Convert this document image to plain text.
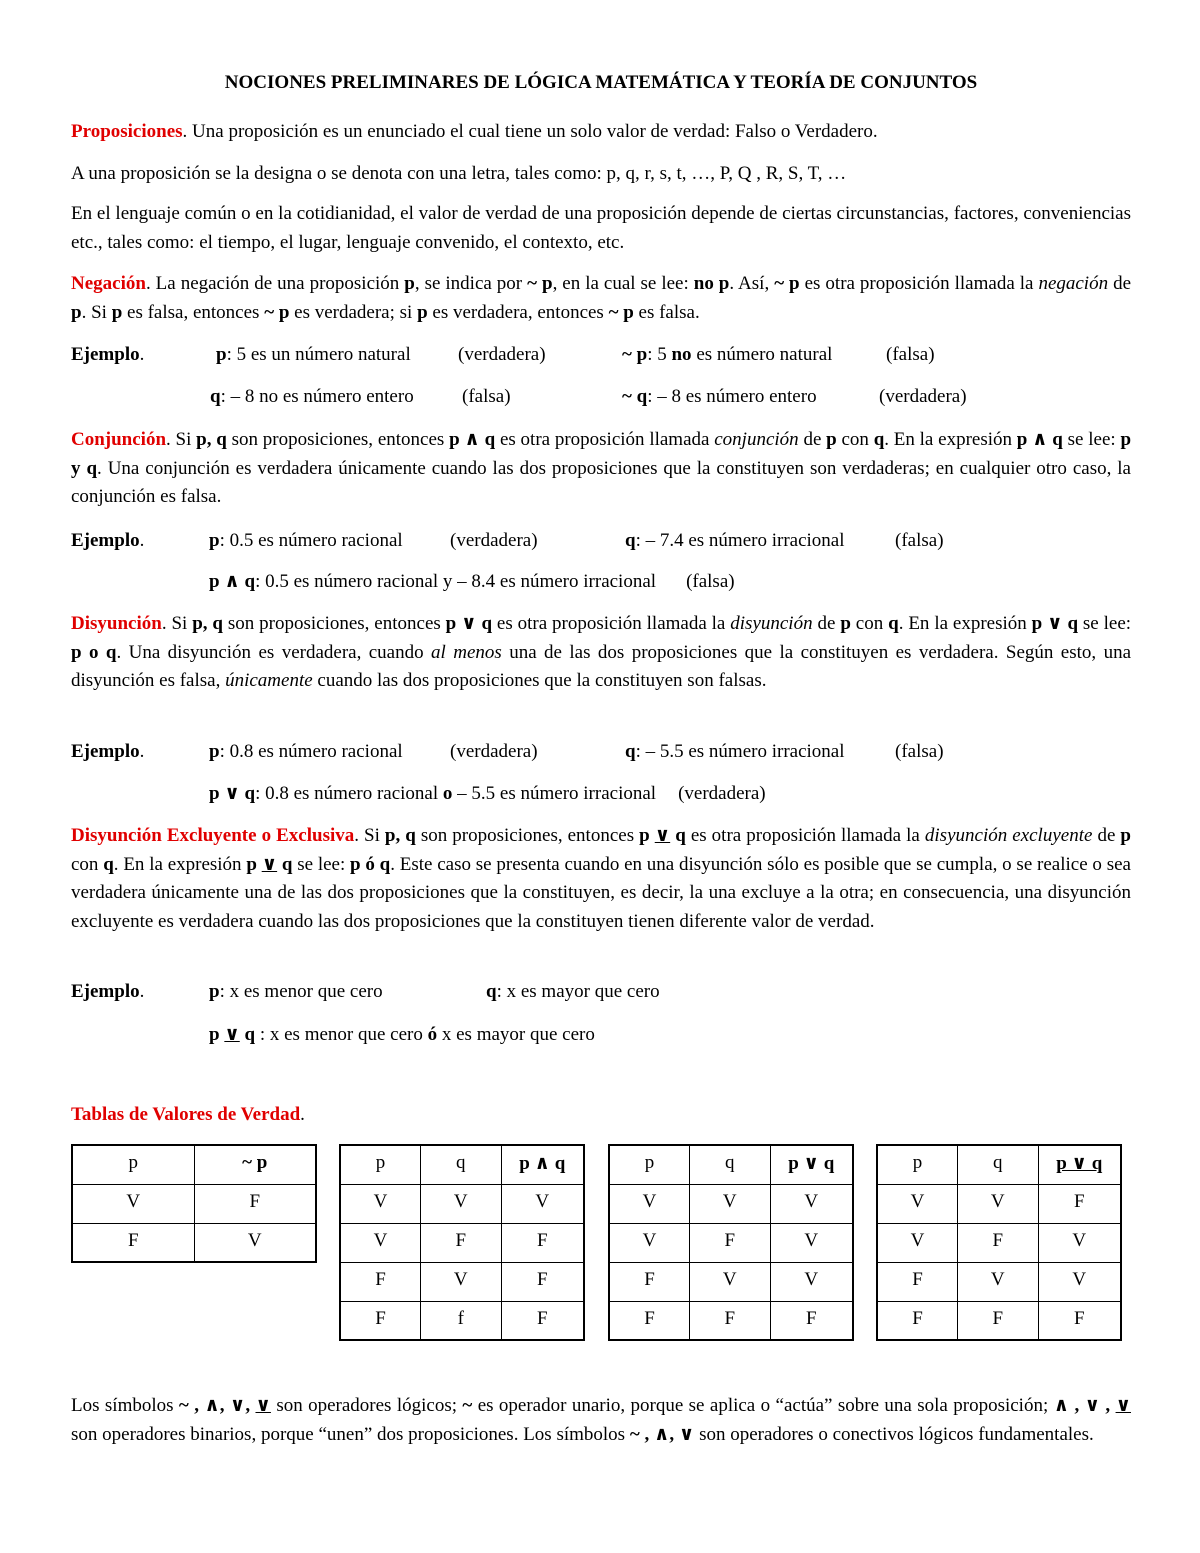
NOCIONES PRELIMINARES DE LÓGICA MATEMÁTICA Y TEORÍA DE CONJUNTOS
Proposiciones. Una proposición es un enunciado el cual tiene un solo valor de verdad: Falso o Verdadero.
A una proposición se la designa o se denota con una letra, tales como: p, q, r, s, t, …, P, Q , R, S, T, …
En el lenguaje común o en la cotidianidad, el valor de verdad de una proposición depende de ciertas circunstancias, factores, conveniencias etc., tales como: el tiempo, el lugar, lenguaje convenido, el contexto, etc.
Negación. La negación de una proposición p, se indica por ~ p, en la cual se lee: no p. Así, ~ p es otra proposición llamada la negación de p. Si p es falsa, entonces ~ p es verdadera; si p es verdadera, entonces ~ p es falsa.
Ejemplo.	p: 5 es un número natural (verdadera)	~ p: 5 no es número natural	(falsa)
q: – 8 no es número entero	(falsa)	~ q: – 8 es número entero	(verdadera)
Conjunción. Si p, q son proposiciones, entonces p ∧ q es otra proposición llamada conjunción de p con q. En la expresión p ∧ q se lee: p y q. Una conjunción es verdadera únicamente cuando las dos proposiciones que la constituyen son verdaderas; en cualquier otro caso, la conjunción es falsa.
Ejemplo.	p: 0.5 es número racional (verdadera)	q: – 7.4 es número irracional	(falsa)
p ∧ q: 0.5 es número racional y – 8.4 es número irracional (falsa)
Disyunción. Si p, q son proposiciones, entonces p ∨ q es otra proposición llamada la disyunción de p con q. En la expresión p ∨ q se lee: p o q. Una disyunción es verdadera, cuando al menos una de las dos proposiciones que la constituyen es verdadera. Según esto, una disyunción es falsa, únicamente cuando las dos proposiciones que la constituyen son falsas.
Ejemplo.	p: 0.8 es número racional (verdadera)	q: – 5.5 es número irracional	(falsa)
p ∨ q: 0.8 es número racional o – 5.5 es número irracional (verdadera)
Disyunción Excluyente o Exclusiva. Si p, q son proposiciones, entonces p ∨ q es otra proposición llamada la disyunción excluyente de p con q. En la expresión p ∨ q se lee: p ó q. Este caso se presenta cuando en una disyunción sólo es posible que se cumpla, o se realice o sea verdadera únicamente una de las dos proposiciones que la constituyen, es decir, la una excluye a la otra; en consecuencia, una disyunción excluyente es verdadera cuando las dos proposiciones que la constituyen tienen diferente valor de verdad.
Ejemplo.	p: x es menor que cero	q: x es mayor que cero
p ∨ q : x es menor que cero ó x es mayor que cero
Tablas de Valores de Verdad.
p	~ p
V	F
F	V
p	q	p ∧ q
V	V	V
V	F	F
F	V	F
F	f	F
p	q	p ∨ q
V	V	V
V	F	V
F	V	V
F	F	F
p	q	p ∨ q
V	V	F
V	F	V
F	V	V
F	F	F
Los símbolos ~ , ∧, ∨, ∨ son operadores lógicos; ~ es operador unario, porque se aplica o “actúa” sobre una sola proposición; ∧ , ∨ , ∨ son operadores binarios, porque “unen” dos proposiciones. Los símbolos ~ , ∧, ∨ son operadores o conectivos lógicos fundamentales.
